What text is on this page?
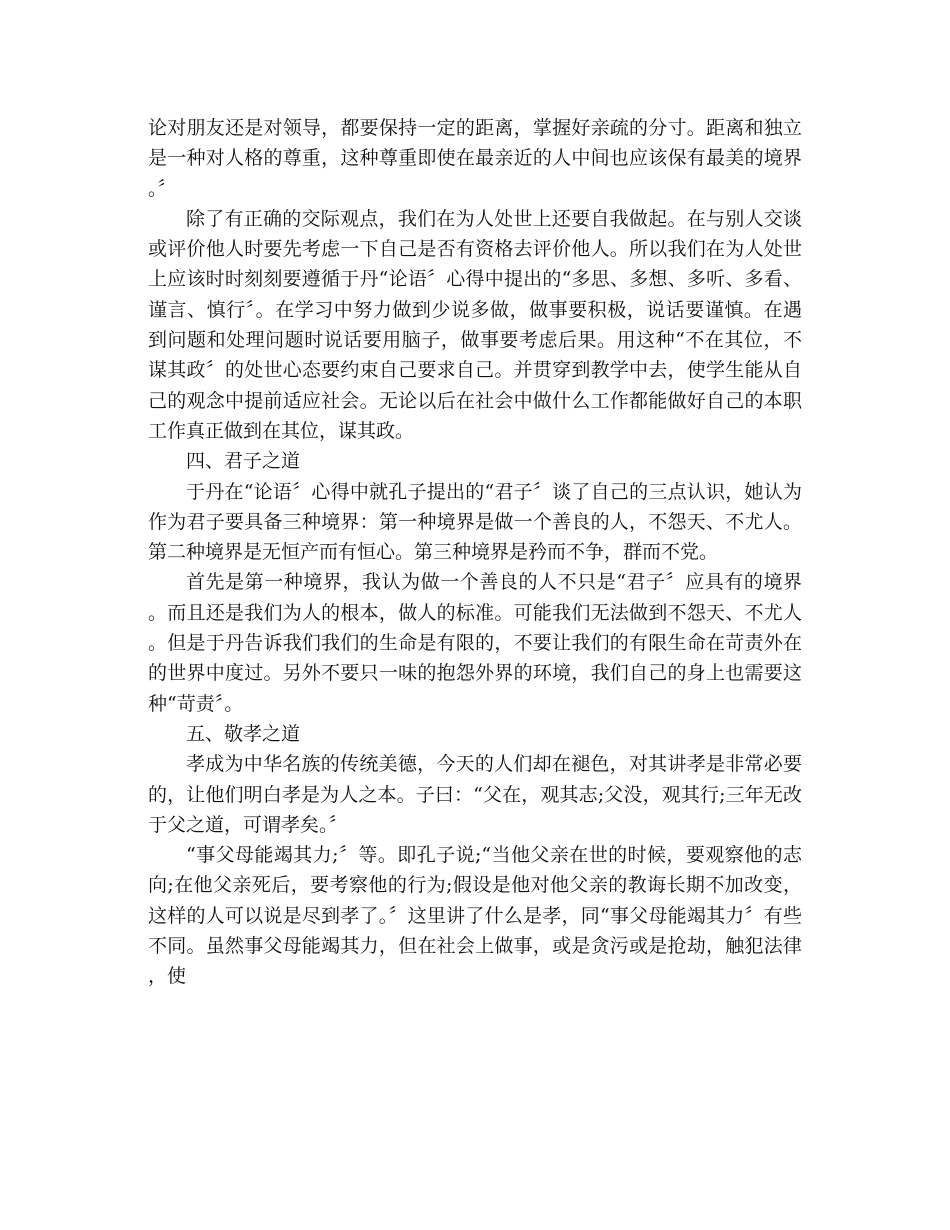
论对朋友还是对领导，都要保持一定的距离，掌握好亲疏的分寸。距离和独立是一种对人格的尊重，这种尊重即使在最亲近的人中间也应该保有最美的境界。〞

除了有正确的交际观点，我们在为人处世上还要自我做起。在与别人交谈或评价他人时要先考虑一下自己是否有资格去评价他人。所以我们在为人处世上应该时时刻刻要遵循于丹“论语〞心得中提出的“多思、多想、多听、多看、谨言、慎行〞。在学习中努力做到少说多做，做事要积极，说话要谨慎。在遇到问题和处理问题时说话要用脑子，做事要考虑后果。用这种“不在其位，不谋其政〞的处世心态要约束自己要求自己。并贯穿到教学中去，使学生能从自己的观念中提前适应社会。无论以后在社会中做什么工作都能做好自己的本职工作真正做到在其位，谋其政。

四、君子之道

于丹在“论语〞心得中就孔子提出的“君子〞谈了自己的三点认识，她认为作为君子要具备三种境界：第一种境界是做一个善良的人，不怨天、不尤人。第二种境界是无恒产而有恒心。第三种境界是矜而不争，群而不党。

首先是第一种境界，我认为做一个善良的人不只是“君子〞应具有的境界。而且还是我们为人的根本，做人的标准。可能我们无法做到不怨天、不尤人。但是于丹告诉我们我们的生命是有限的，不要让我们的有限生命在苛责外在的世界中度过。另外不要只一味的抱怨外界的环境，我们自己的身上也需要这种“苛责〞。

五、敬孝之道

孝成为中华名族的传统美德，今天的人们却在褪色，对其讲孝是非常必要的，让他们明白孝是为人之本。子曰：“父在，观其志;父没，观其行;三年无改于父之道，可谓孝矣。〞

“事父母能竭其力;〞等。即孔子说;“当他父亲在世的时候，要观察他的志向;在他父亲死后，要考察他的行为;假设是他对他父亲的教诲长期不加改变，这样的人可以说是尽到孝了。〞这里讲了什么是孝，同“事父母能竭其力〞有些不同。虽然事父母能竭其力，但在社会上做事，或是贪污或是抢劫，触犯法律，使
